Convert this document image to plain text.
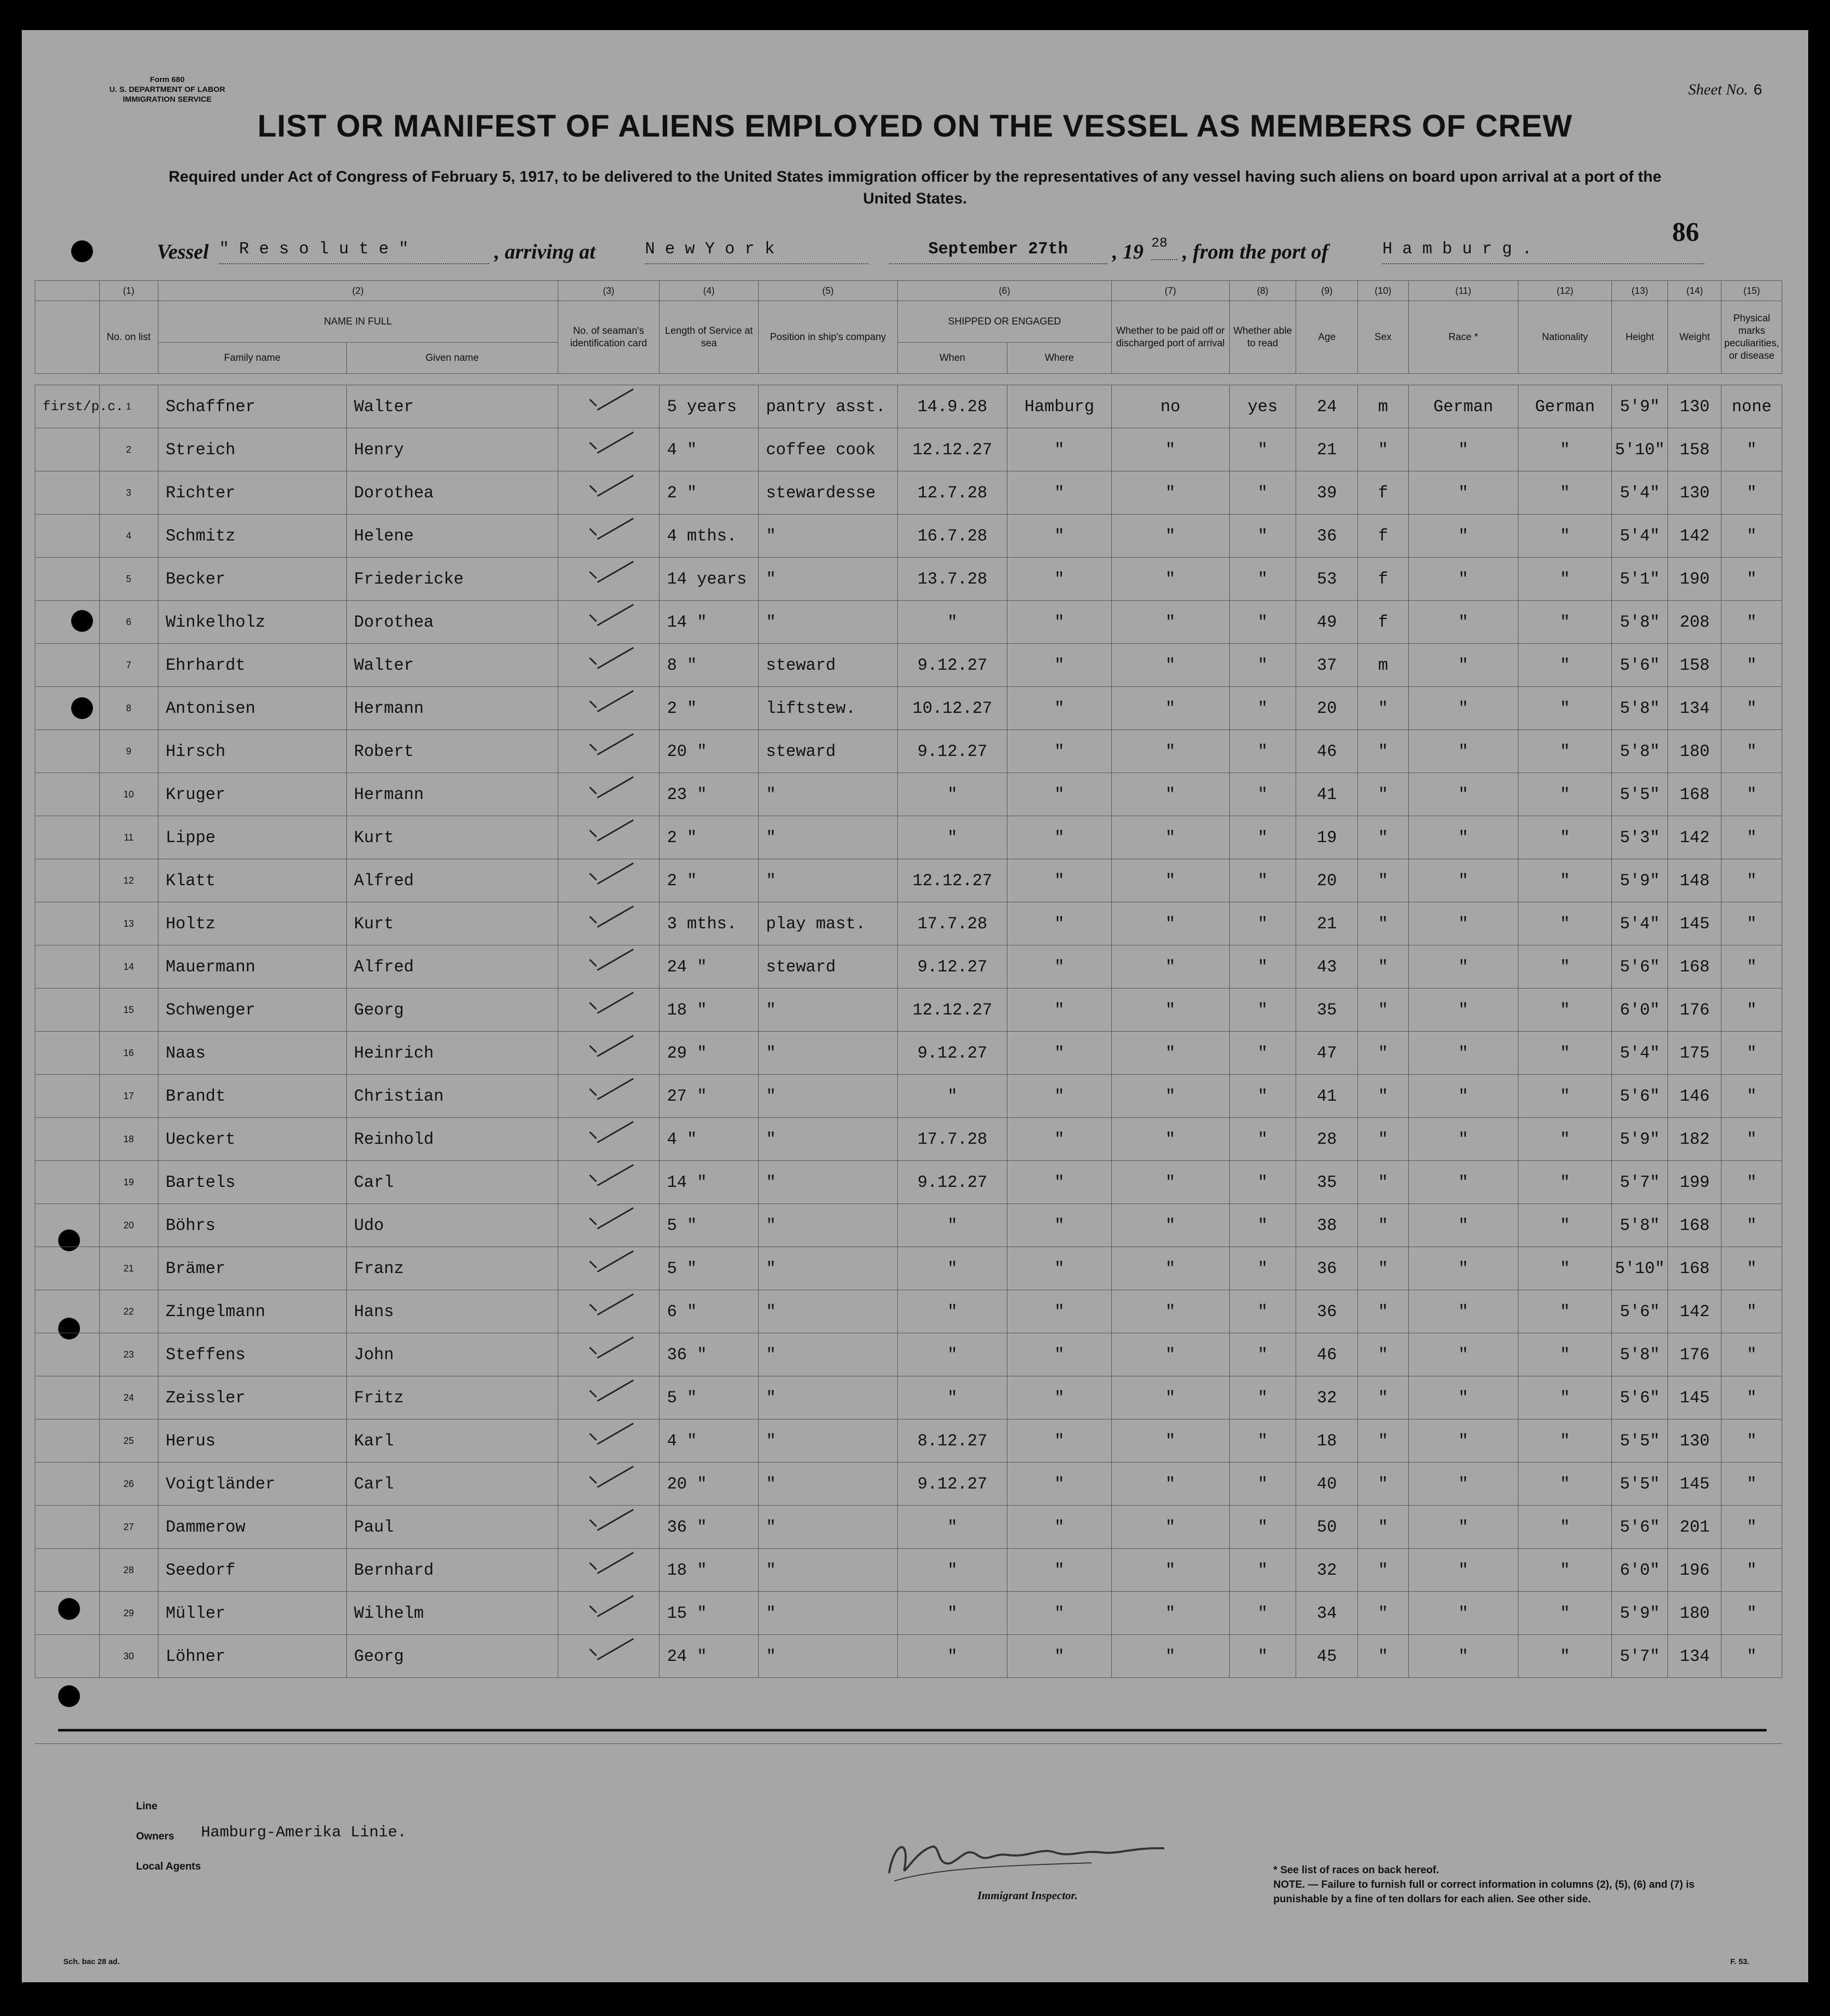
Form 680
U. S. DEPARTMENT OF LABOR
IMMIGRATION SERVICE
Sheet No. 6
LIST OR MANIFEST OF ALIENS EMPLOYED ON THE VESSEL AS MEMBERS OF CREW
Required under Act of Congress of February 5, 1917, to be delivered to the United States immigration officer by the representatives of any vessel having such aliens on board upon arrival at a port of the United States.
86
Vessel " R e s o l u t e "	, arriving at	N e w Y o r k	September 27th	, 19 28 , from the port of	H a m b u r g .
	(1)	(2)		(3)	(4)	(5)	(6)		(7)	(8)	(9)	(10)	(11)	(12)	(13)	(14)	(15)
	No. on list	NAME IN FULL		No. of seaman's identification card	Length of Service at sea	Position in ship's company	SHIPPED OR ENGAGED		Whether to be paid off or discharged port of arrival	Whether able to read	Age	Sex	Race *	Nationality	Height	Weight	Physical marks peculiarities, or disease
		Family name	Given name				When	Where									

first/p.c.	1	Schaffner	Walter		5 years	pantry asst.	14.9.28	Hamburg	no	yes	24	m	German	German	5'9"	130	none
	2	Streich	Henry		4 "	coffee cook	12.12.27	"	"	"	21	"	"	"	5'10"	158	"
	3	Richter	Dorothea		2 "	stewardesse	12.7.28	"	"	"	39	f	"	"	5'4"	130	"
	4	Schmitz	Helene		4 mths.	"	16.7.28	"	"	"	36	f	"	"	5'4"	142	"
	5	Becker	Friedericke		14 years	"	13.7.28	"	"	"	53	f	"	"	5'1"	190	"
	6	Winkelholz	Dorothea		14 "	"	"	"	"	"	49	f	"	"	5'8"	208	"
	7	Ehrhardt	Walter		8 "	steward	9.12.27	"	"	"	37	m	"	"	5'6"	158	"
	8	Antonisen	Hermann		2 "	liftstew.	10.12.27	"	"	"	20	"	"	"	5'8"	134	"
	9	Hirsch	Robert		20 "	steward	9.12.27	"	"	"	46	"	"	"	5'8"	180	"
	10	Kruger	Hermann		23 "	"	"	"	"	"	41	"	"	"	5'5"	168	"
	11	Lippe	Kurt		2 "	"	"	"	"	"	19	"	"	"	5'3"	142	"
	12	Klatt	Alfred		2 "	"	12.12.27	"	"	"	20	"	"	"	5'9"	148	"
	13	Holtz	Kurt		3 mths.	play mast.	17.7.28	"	"	"	21	"	"	"	5'4"	145	"
	14	Mauermann	Alfred		24 "	steward	9.12.27	"	"	"	43	"	"	"	5'6"	168	"
	15	Schwenger	Georg		18 "	"	12.12.27	"	"	"	35	"	"	"	6'0"	176	"
	16	Naas	Heinrich		29 "	"	9.12.27	"	"	"	47	"	"	"	5'4"	175	"
	17	Brandt	Christian		27 "	"	"	"	"	"	41	"	"	"	5'6"	146	"
	18	Ueckert	Reinhold		4 "	"	17.7.28	"	"	"	28	"	"	"	5'9"	182	"
	19	Bartels	Carl		14 "	"	9.12.27	"	"	"	35	"	"	"	5'7"	199	"
	20	Böhrs	Udo		5 "	"	"	"	"	"	38	"	"	"	5'8"	168	"
	21	Brämer	Franz		5 "	"	"	"	"	"	36	"	"	"	5'10"	168	"
	22	Zingelmann	Hans		6 "	"	"	"	"	"	36	"	"	"	5'6"	142	"
	23	Steffens	John		36 "	"	"	"	"	"	46	"	"	"	5'8"	176	"
	24	Zeissler	Fritz		5 "	"	"	"	"	"	32	"	"	"	5'6"	145	"
	25	Herus	Karl		4 "	"	8.12.27	"	"	"	18	"	"	"	5'5"	130	"
	26	Voigtländer	Carl		20 "	"	9.12.27	"	"	"	40	"	"	"	5'5"	145	"
	27	Dammerow	Paul		36 "	"	"	"	"	"	50	"	"	"	5'6"	201	"
	28	Seedorf	Bernhard		18 "	"	"	"	"	"	32	"	"	"	6'0"	196	"
	29	Müller	Wilhelm		15 "	"	"	"	"	"	34	"	"	"	5'9"	180	"
	30	Löhner	Georg		24 "	"	"	"	"	"	45	"	"	"	5'7"	134	"
Line
Owners Hamburg-Amerika Linie.
Local Agents
Immigrant Inspector.
* See list of races on back hereof.
NOTE. — Failure to furnish full or correct information in columns (2), (5), (6) and (7) is punishable by a fine of ten dollars for each alien. See other side.
Sch. bac 28 ad.	F. 53.
